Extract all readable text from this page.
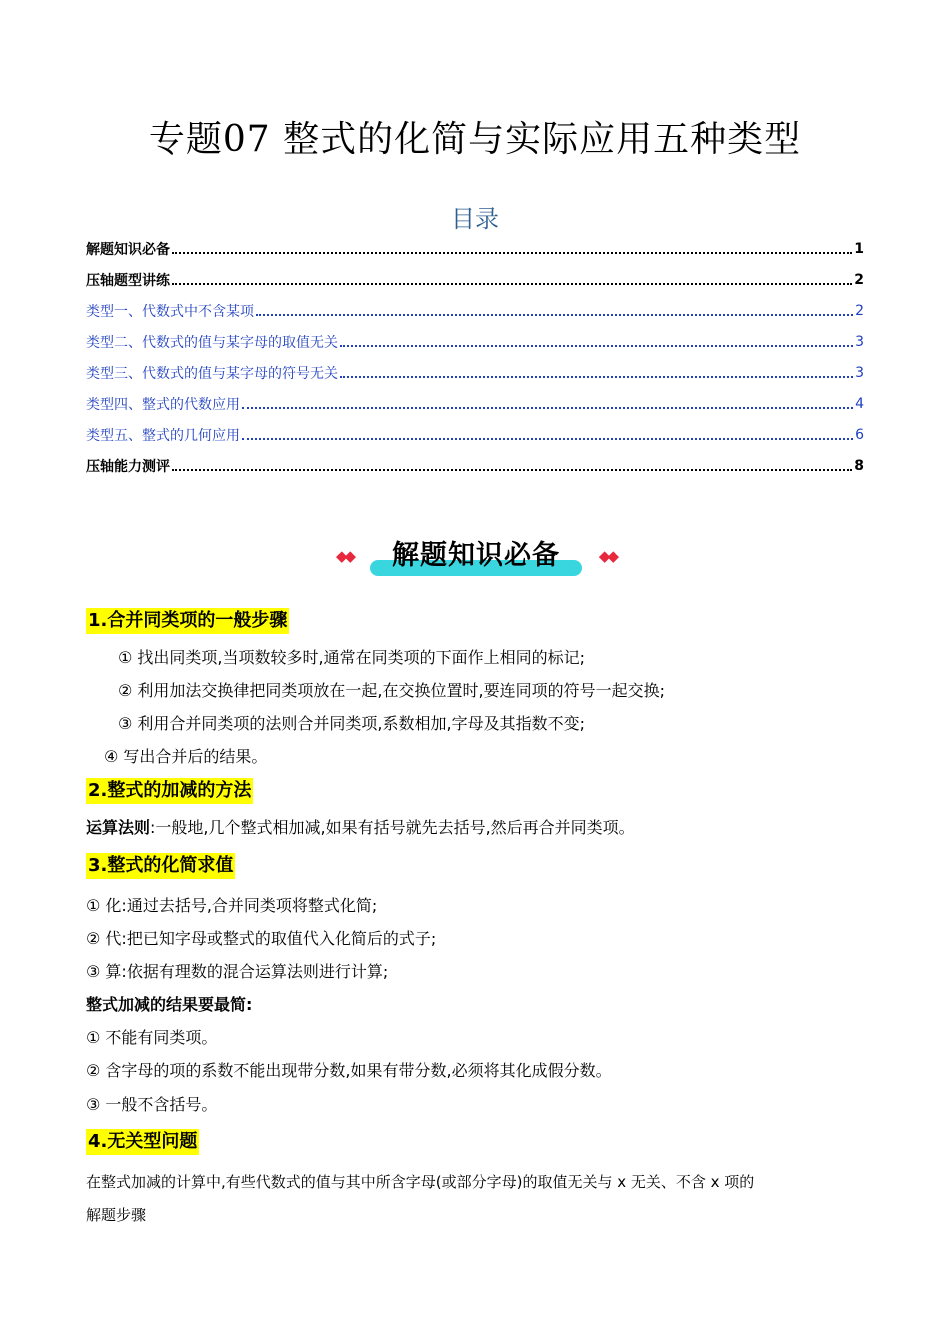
专题07 整式的化简与实际应用五种类型
目录
解题知识必备	1
压轴题型讲练	2
类型一、代数式中不含某项	2
类型二、代数式的值与某字母的取值无关	3
类型三、代数式的值与某字母的符号无关	3
类型四、整式的代数应用	4
类型五、整式的几何应用	6
压轴能力测评	8
◆◆	解题知识必备	◆◆
1.合并同类项的一般步骤
① 找出同类项,当项数较多时,通常在同类项的下面作上相同的标记;
② 利用加法交换律把同类项放在一起,在交换位置时,要连同项的符号一起交换;
③ 利用合并同类项的法则合并同类项,系数相加,字母及其指数不变;
④ 写出合并后的结果。
2.整式的加减的方法
运算法则:一般地,几个整式相加减,如果有括号就先去括号,然后再合并同类项。
3.整式的化简求值
① 化:通过去括号,合并同类项将整式化简;
② 代:把已知字母或整式的取值代入化简后的式子;
③ 算:依据有理数的混合运算法则进行计算;
整式加减的结果要最简:
① 不能有同类项。
② 含字母的项的系数不能出现带分数,如果有带分数,必须将其化成假分数。
③ 一般不含括号。
4.无关型问题
在整式加减的计算中,有些代数式的值与其中所含字母(或部分字母)的取值无关与 x 无关、不含 x 项的
解题步骤
